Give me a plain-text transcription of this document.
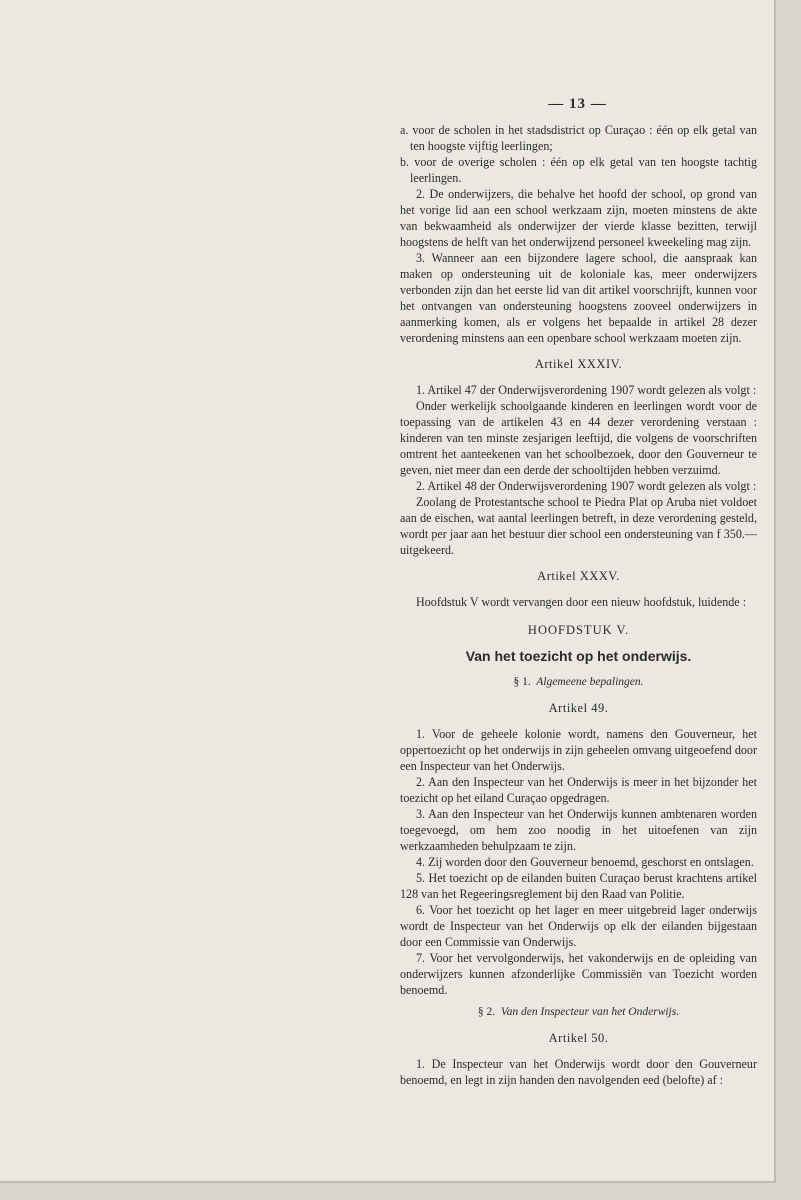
— 13 —

a. voor de scholen in het stadsdistrict op Curaçao : één op elk getal van ten hoogste vijftig leerlingen;

b. voor de overige scholen : één op elk getal van ten hoogste tachtig leerlingen.

2. De onderwijzers, die behalve het hoofd der school, op grond van het vorige lid aan een school werkzaam zijn, moeten minstens de akte van bekwaamheid als onderwijzer der vierde klasse bezitten, terwijl hoogstens de helft van het onderwijzend personeel kweekeling mag zijn.

3. Wanneer aan een bijzondere lagere school, die aanspraak kan maken op ondersteuning uit de koloniale kas, meer onderwijzers verbonden zijn dan het eerste lid van dit artikel voorschrijft, kunnen voor het ontvangen van ondersteuning hoogstens zooveel onderwijzers in aanmerking komen, als er volgens het bepaalde in artikel 28 dezer verordening minstens aan een openbare school werkzaam moeten zijn.

Artikel XXXIV.

1. Artikel 47 der Onderwijsverordening 1907 wordt gelezen als volgt :

Onder werkelijk schoolgaande kinderen en leerlingen wordt voor de toepassing van de artikelen 43 en 44 dezer verordening verstaan : kinderen van ten minste zesjarigen leeftijd, die volgens de voorschriften omtrent het aanteekenen van het schoolbezoek, door den Gouverneur te geven, niet meer dan een derde der schooltijden hebben verzuimd.

2. Artikel 48 der Onderwijsverordening 1907 wordt gelezen als volgt :

Zoolang de Protestantsche school te Piedra Plat op Aruba niet voldoet aan de eischen, wat aantal leerlingen betreft, in deze verordening gesteld, wordt per jaar aan het bestuur dier school een ondersteuning van f 350.— uitgekeerd.

Artikel XXXV.

Hoofdstuk V wordt vervangen door een nieuw hoofdstuk, luidende :

HOOFDSTUK V.

Van het toezicht op het onderwijs.

§ 1. Algemeene bepalingen.

Artikel 49.

1. Voor de geheele kolonie wordt, namens den Gouverneur, het oppertoezicht op het onderwijs in zijn geheelen omvang uitgeoefend door een Inspecteur van het Onderwijs.

2. Aan den Inspecteur van het Onderwijs is meer in het bijzonder het toezicht op het eiland Curaçao opgedragen.

3. Aan den Inspecteur van het Onderwijs kunnen ambtenaren worden toegevoegd, om hem zoo noodig in het uitoefenen van zijn werkzaamheden behulpzaam te zijn.

4. Zij worden door den Gouverneur benoemd, geschorst en ontslagen.

5. Het toezicht op de eilanden buiten Curaçao berust krachtens artikel 128 van het Regeeringsreglement bij den Raad van Politie.

6. Voor het toezicht op het lager en meer uitgebreid lager onderwijs wordt de Inspecteur van het Onderwijs op elk der eilanden bijgestaan door een Commissie van Onderwijs.

7. Voor het vervolgonderwijs, het vakonderwijs en de opleiding van onderwijzers kunnen afzonderlijke Commissiën van Toezicht worden benoemd.

§ 2. Van den Inspecteur van het Onderwijs.

Artikel 50.

1. De Inspecteur van het Onderwijs wordt door den Gouverneur benoemd, en legt in zijn handen den navolgenden eed (belofte) af :
